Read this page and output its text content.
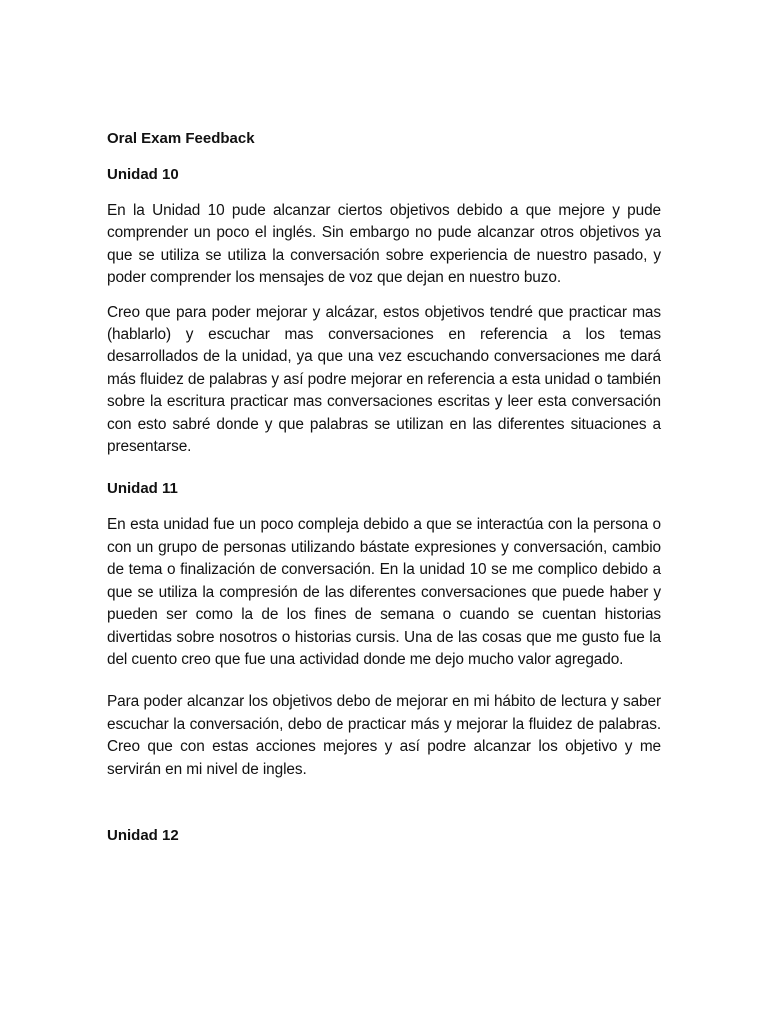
Oral Exam Feedback
Unidad 10

En la Unidad 10 pude alcanzar ciertos objetivos debido a que mejore y pude comprender un poco el inglés. Sin embargo no pude alcanzar otros objetivos ya que se utiliza se utiliza la conversación sobre experiencia de nuestro pasado, y poder comprender los mensajes de voz que dejan en nuestro buzo.

Creo que para poder mejorar y alcázar, estos objetivos tendré que practicar mas (hablarlo) y escuchar mas conversaciones en referencia a los temas desarrollados de la unidad, ya que una vez escuchando conversaciones me dará más fluidez de palabras y así podre mejorar en referencia a esta unidad o también sobre la escritura practicar mas conversaciones escritas y leer esta conversación con esto sabré donde y que palabras se utilizan en las diferentes situaciones a presentarse.

Unidad 11

En esta unidad fue un poco compleja debido a que se interactúa con la persona o con un grupo de personas utilizando bástate expresiones y conversación, cambio de tema o finalización de conversación. En la unidad 10 se me complico debido a que se utiliza la compresión de las diferentes conversaciones que puede haber y pueden ser como la de los fines de semana o cuando se cuentan historias divertidas sobre nosotros o historias cursis. Una de las cosas que me gusto fue la del cuento creo que fue una actividad donde me dejo mucho valor agregado.

Para poder alcanzar los objetivos debo de mejorar en mi hábito de lectura y saber escuchar la conversación, debo de practicar más y mejorar la fluidez de palabras. Creo que con estas acciones mejores y así podre alcanzar los objetivo y me servirán en mi nivel de ingles.

Unidad 12
